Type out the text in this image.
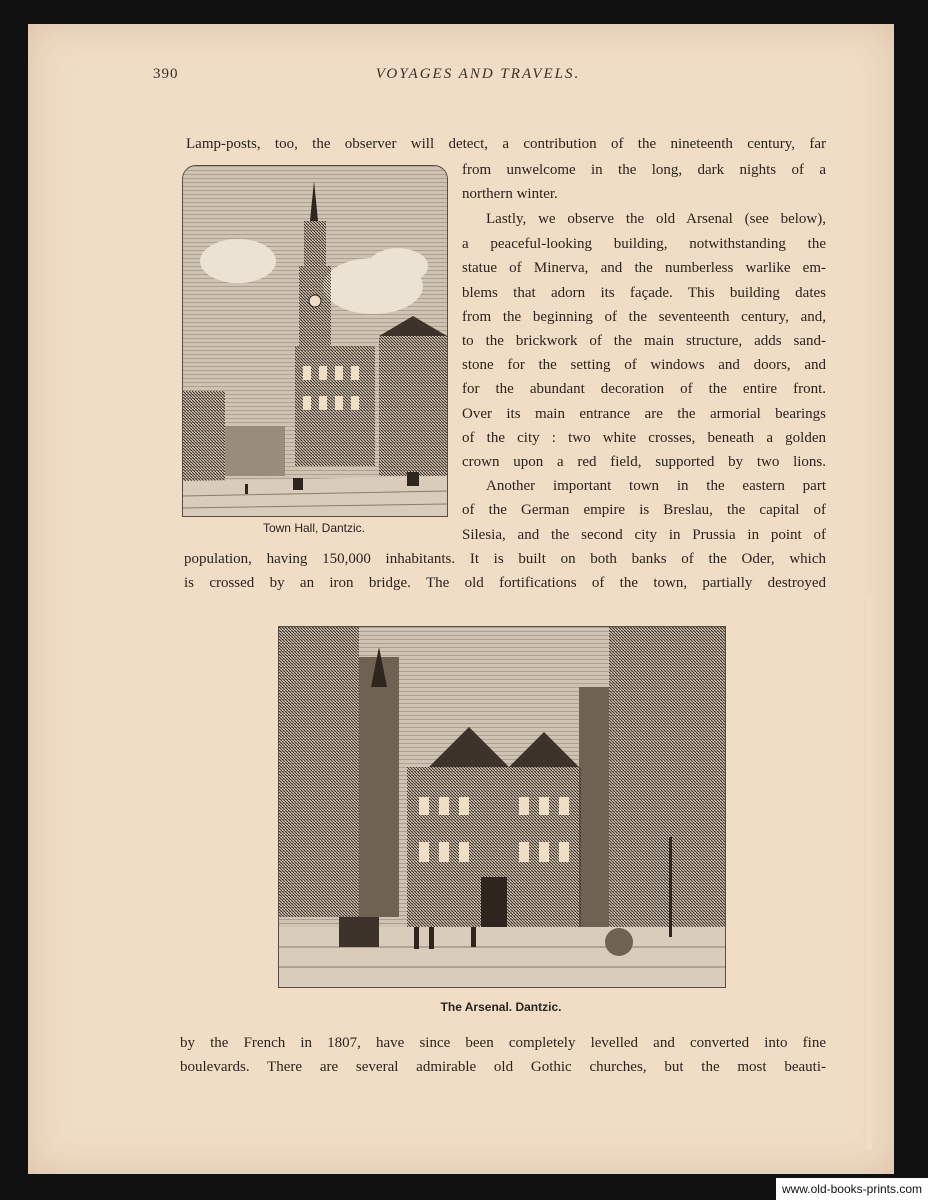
390	VOYAGES AND TRAVELS.
Lamp-posts, too, the observer will detect, a contribution of the nineteenth century, far
from unwelcome in the long, dark nights of a
northern winter.
Lastly, we observe the old Arsenal (see below),
a peaceful-looking building, notwithstanding the
statue of Minerva, and the numberless warlike em-
blems that adorn its façade. This building dates
from the beginning of the seventeenth century, and,
to the brickwork of the main structure, adds sand-
stone for the setting of windows and doors, and
for the abundant decoration of the entire front.
Over its main entrance are the armorial bearings
of the city : two white crosses, beneath a golden
crown upon a red field, supported by two lions.
Another important town in the eastern part
of the German empire is Breslau, the capital of
Silesia, and the second city in Prussia in point of
population, having 150,000 inhabitants. It is built on both banks of the Oder, which
is crossed by an iron bridge. The old fortifications of the town, partially destroyed
by the French in 1807, have since been completely levelled and converted into fine
boulevards. There are several admirable old Gothic churches, but the most beauti-
Town Hall, Dantzic.
The Arsenal. Dantzic.
www.old-books-prints.com
